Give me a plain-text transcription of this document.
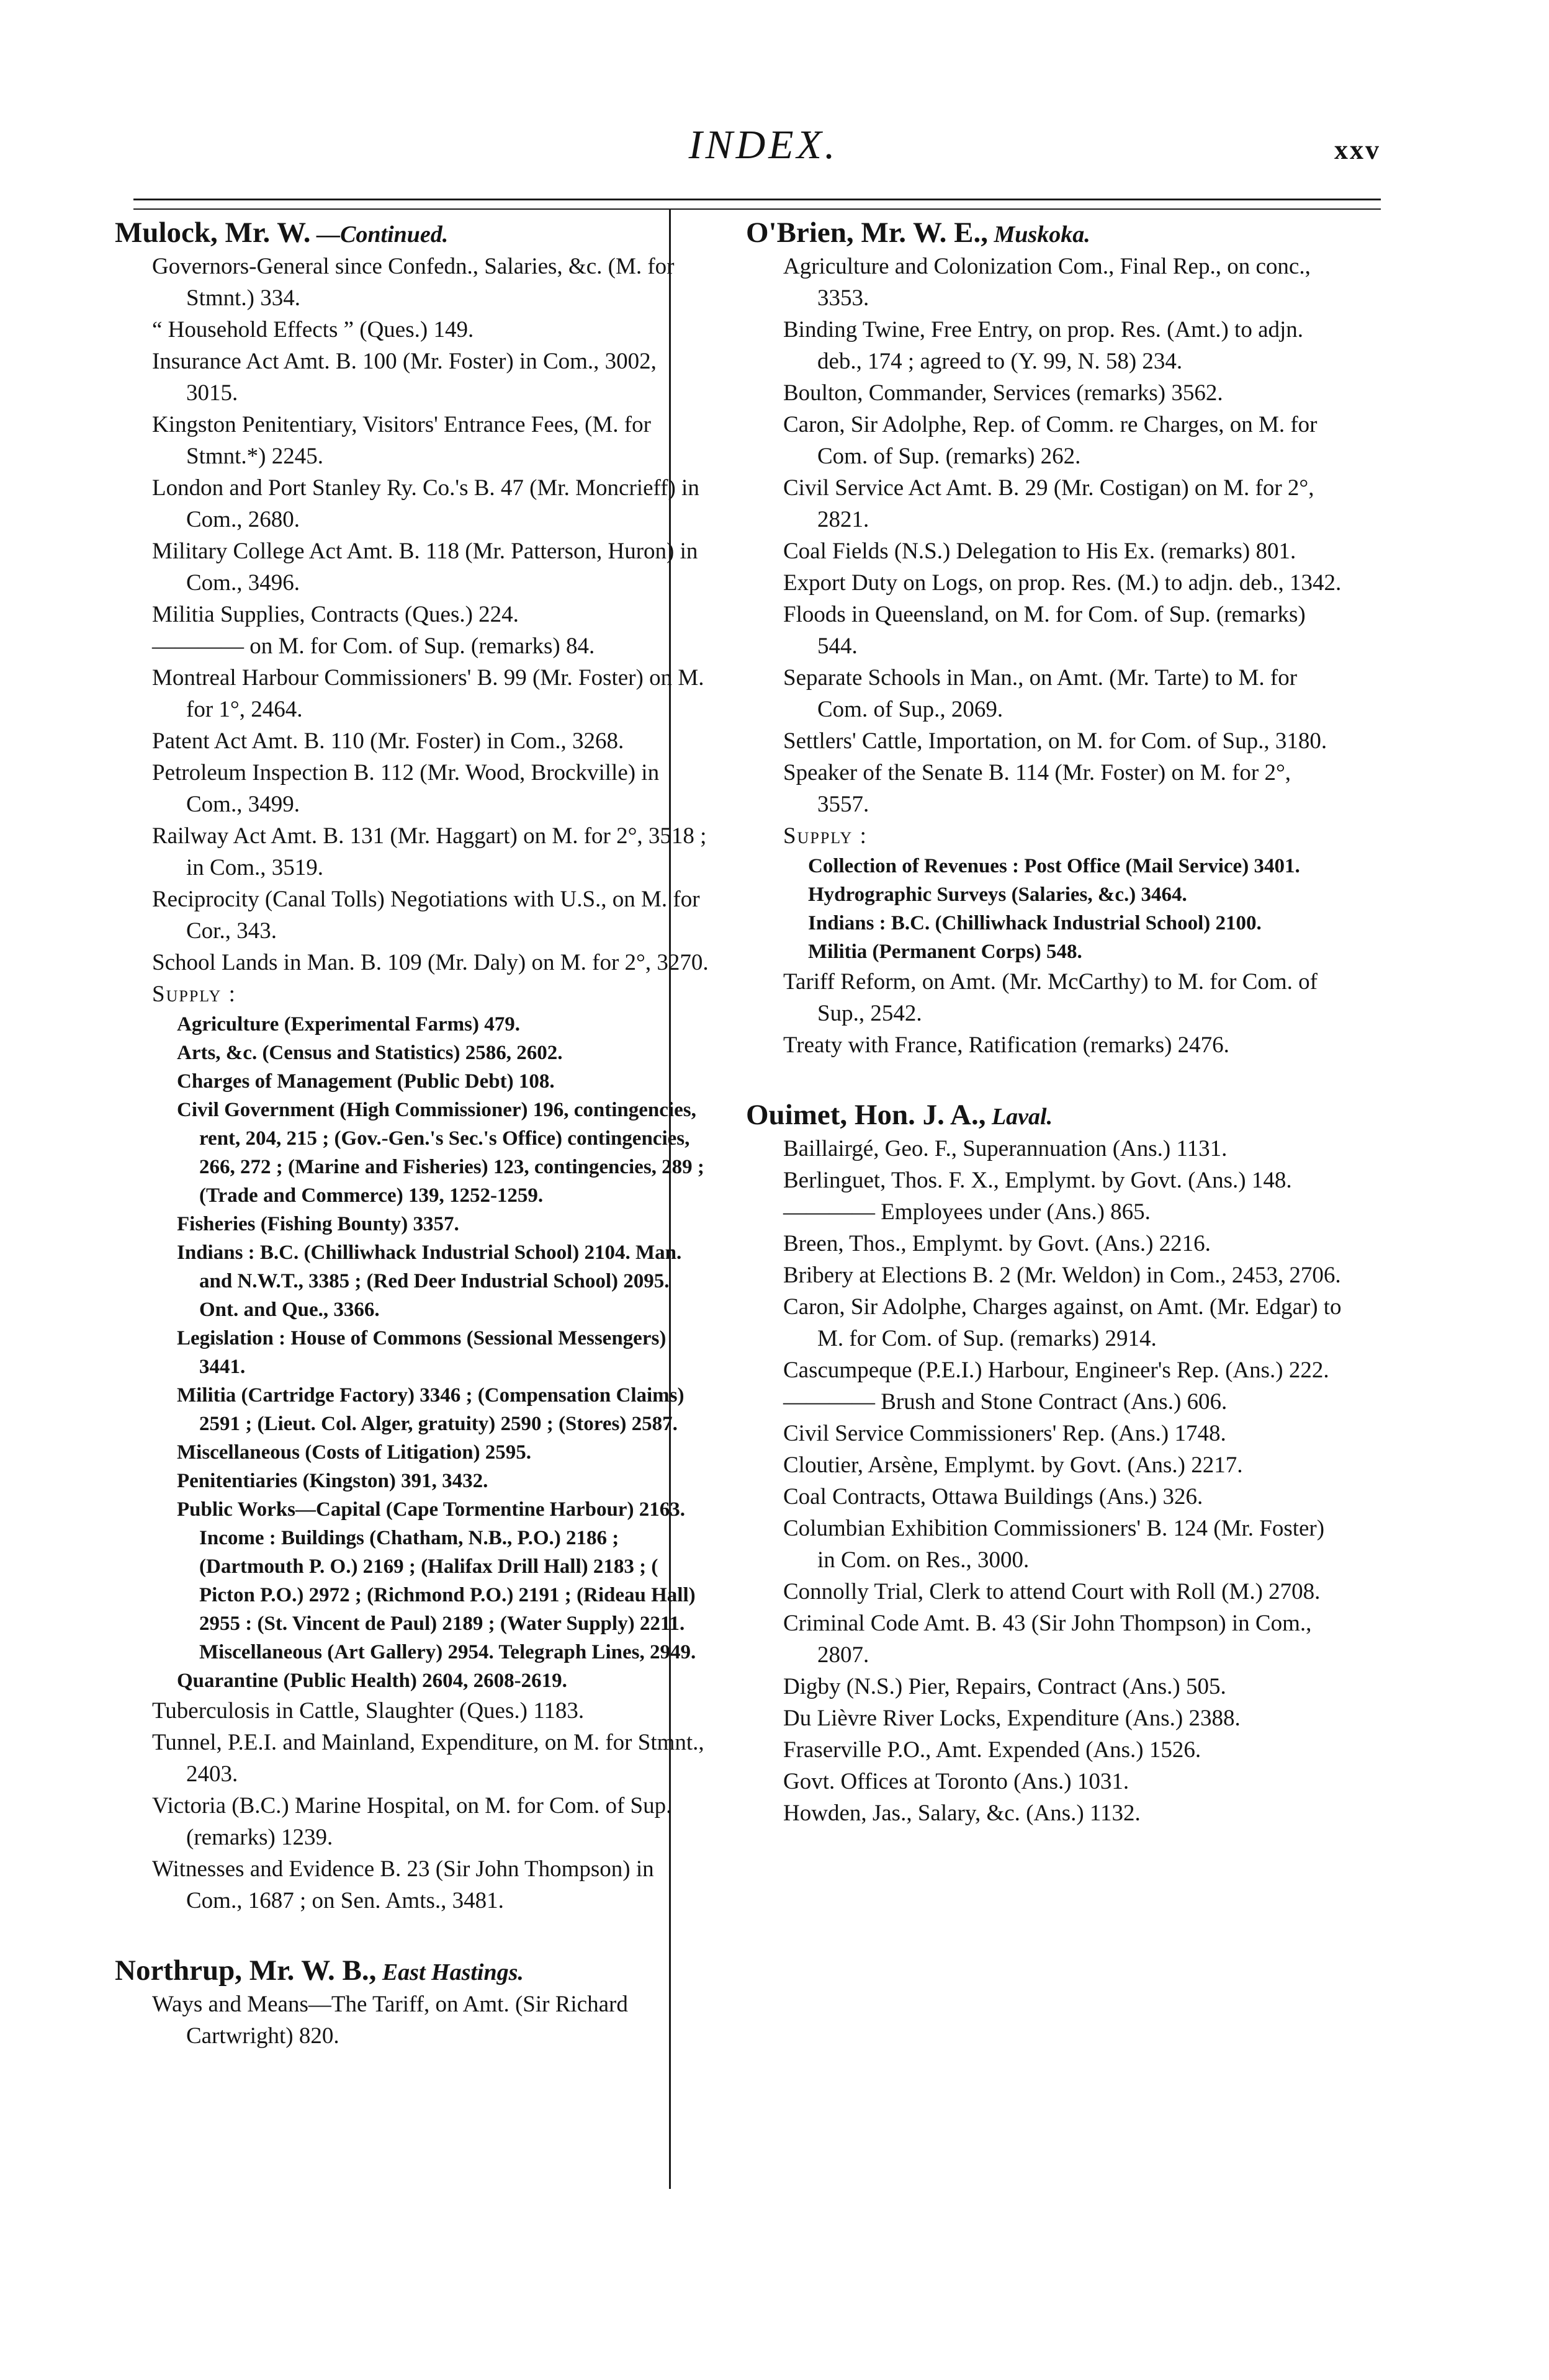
INDEX.	xxv
Mulock, Mr. W. —Continued.
Governors-General since Confedn., Salaries, &c. (M. for Stmnt.) 334.
“ Household Effects ” (Ques.) 149.
Insurance Act Amt. B. 100 (Mr. Foster) in Com., 3002, 3015.
Kingston Penitentiary, Visitors' Entrance Fees, (M. for Stmnt.*) 2245.
London and Port Stanley Ry. Co.'s B. 47 (Mr. Moncrieff) in Com., 2680.
Military College Act Amt. B. 118 (Mr. Patterson, Huron) in Com., 3496.
Militia Supplies, Contracts (Ques.) 224.
———— on M. for Com. of Sup. (remarks) 84.
Montreal Harbour Commissioners' B. 99 (Mr. Foster) on M. for 1°, 2464.
Patent Act Amt. B. 110 (Mr. Foster) in Com., 3268.
Petroleum Inspection B. 112 (Mr. Wood, Brockville) in Com., 3499.
Railway Act Amt. B. 131 (Mr. Haggart) on M. for 2°, 3518 ; in Com., 3519.
Reciprocity (Canal Tolls) Negotiations with U.S., on M. for Cor., 343.
School Lands in Man. B. 109 (Mr. Daly) on M. for 2°, 3270.
Supply :
Agriculture (Experimental Farms) 479.
Arts, &c. (Census and Statistics) 2586, 2602.
Charges of Management (Public Debt) 108.
Civil Government (High Commissioner) 196, contingencies, rent, 204, 215 ; (Gov.-Gen.'s Sec.'s Office) contingencies, 266, 272 ; (Marine and Fisheries) 123, contingencies, 289 ; (Trade and Commerce) 139, 1252-1259.
Fisheries (Fishing Bounty) 3357.
Indians : B.C. (Chilliwhack Industrial School) 2104. Man. and N.W.T., 3385 ; (Red Deer Industrial School) 2095. Ont. and Que., 3366.
Legislation : House of Commons (Sessional Messengers) 3441.
Militia (Cartridge Factory) 3346 ; (Compensation Claims) 2591 ; (Lieut. Col. Alger, gratuity) 2590 ; (Stores) 2587.
Miscellaneous (Costs of Litigation) 2595.
Penitentiaries (Kingston) 391, 3432.
Public Works—Capital (Cape Tormentine Harbour) 2163. Income : Buildings (Chatham, N.B., P.O.) 2186 ; (Dartmouth P. O.) 2169 ; (Halifax Drill Hall) 2183 ; ( Picton P.O.) 2972 ; (Richmond P.O.) 2191 ; (Rideau Hall) 2955 : (St. Vincent de Paul) 2189 ; (Water Supply) 2211. Miscellaneous (Art Gallery) 2954. Telegraph Lines, 2949.
Quarantine (Public Health) 2604, 2608-2619.
Tuberculosis in Cattle, Slaughter (Ques.) 1183.
Tunnel, P.E.I. and Mainland, Expenditure, on M. for Stmnt., 2403.
Victoria (B.C.) Marine Hospital, on M. for Com. of Sup. (remarks) 1239.
Witnesses and Evidence B. 23 (Sir John Thompson) in Com., 1687 ; on Sen. Amts., 3481.
Northrup, Mr. W. B., East Hastings.
Ways and Means—The Tariff, on Amt. (Sir Richard Cartwright) 820.
O'Brien, Mr. W. E., Muskoka.
Agriculture and Colonization Com., Final Rep., on conc., 3353.
Binding Twine, Free Entry, on prop. Res. (Amt.) to adjn. deb., 174 ; agreed to (Y. 99, N. 58) 234.
Boulton, Commander, Services (remarks) 3562.
Caron, Sir Adolphe, Rep. of Comm. re Charges, on M. for Com. of Sup. (remarks) 262.
Civil Service Act Amt. B. 29 (Mr. Costigan) on M. for 2°, 2821.
Coal Fields (N.S.) Delegation to His Ex. (remarks) 801.
Export Duty on Logs, on prop. Res. (M.) to adjn. deb., 1342.
Floods in Queensland, on M. for Com. of Sup. (remarks) 544.
Separate Schools in Man., on Amt. (Mr. Tarte) to M. for Com. of Sup., 2069.
Settlers' Cattle, Importation, on M. for Com. of Sup., 3180.
Speaker of the Senate B. 114 (Mr. Foster) on M. for 2°, 3557.
Supply :
Collection of Revenues : Post Office (Mail Service) 3401.
Hydrographic Surveys (Salaries, &c.) 3464.
Indians : B.C. (Chilliwhack Industrial School) 2100.
Militia (Permanent Corps) 548.
Tariff Reform, on Amt. (Mr. McCarthy) to M. for Com. of Sup., 2542.
Treaty with France, Ratification (remarks) 2476.
Ouimet, Hon. J. A., Laval.
Baillairgé, Geo. F., Superannuation (Ans.) 1131.
Berlinguet, Thos. F. X., Emplymt. by Govt. (Ans.) 148.
———— Employees under (Ans.) 865.
Breen, Thos., Emplymt. by Govt. (Ans.) 2216.
Bribery at Elections B. 2 (Mr. Weldon) in Com., 2453, 2706.
Caron, Sir Adolphe, Charges against, on Amt. (Mr. Edgar) to M. for Com. of Sup. (remarks) 2914.
Cascumpeque (P.E.I.) Harbour, Engineer's Rep. (Ans.) 222.
———— Brush and Stone Contract (Ans.) 606.
Civil Service Commissioners' Rep. (Ans.) 1748.
Cloutier, Arsène, Emplymt. by Govt. (Ans.) 2217.
Coal Contracts, Ottawa Buildings (Ans.) 326.
Columbian Exhibition Commissioners' B. 124 (Mr. Foster) in Com. on Res., 3000.
Connolly Trial, Clerk to attend Court with Roll (M.) 2708.
Criminal Code Amt. B. 43 (Sir John Thompson) in Com., 2807.
Digby (N.S.) Pier, Repairs, Contract (Ans.) 505.
Du Lièvre River Locks, Expenditure (Ans.) 2388.
Fraserville P.O., Amt. Expended (Ans.) 1526.
Govt. Offices at Toronto (Ans.) 1031.
Howden, Jas., Salary, &c. (Ans.) 1132.
